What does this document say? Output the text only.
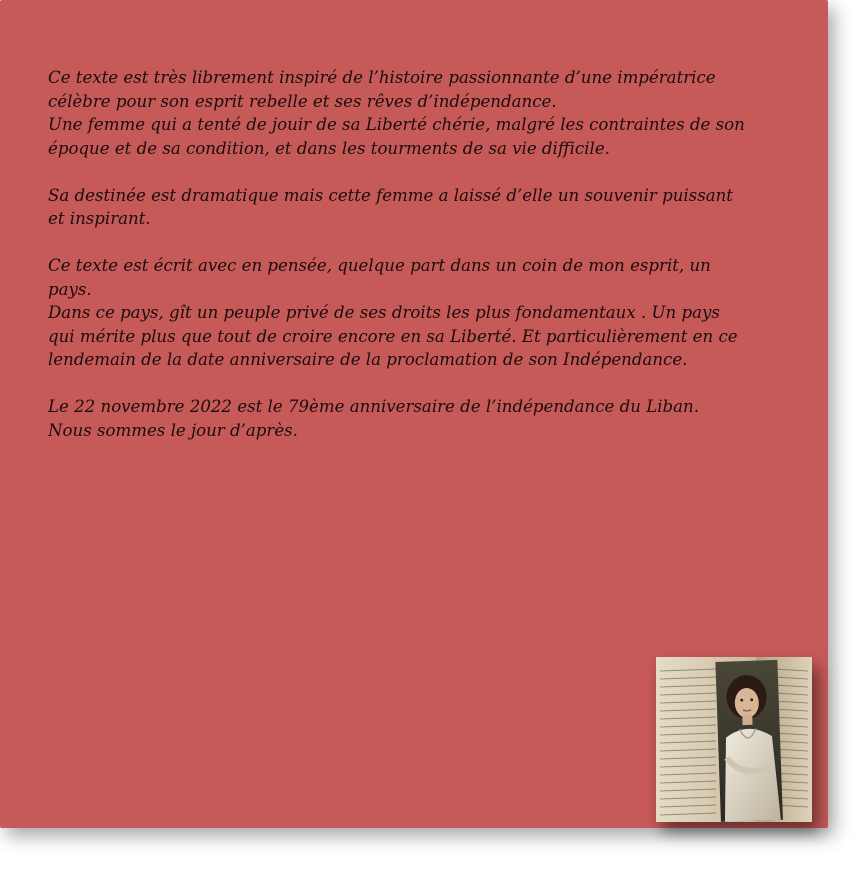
Ce texte est très librement inspiré de l’histoire passionnante d’une impératrice
célèbre pour son esprit rebelle et ses rêves d’indépendance.
Une femme qui a tenté de jouir de sa Liberté chérie, malgré les contraintes de son
époque et de sa condition, et dans les tourments de sa vie difficile.

Sa destinée est dramatique mais cette femme a laissé d’elle un souvenir puissant
et inspirant.

Ce texte est écrit avec en pensée, quelque part dans un coin de mon esprit, un
pays.
Dans ce pays, gît un peuple privé de ses droits les plus fondamentaux . Un pays
qui mérite plus que tout de croire encore en sa Liberté. Et particulièrement en ce
lendemain de la date anniversaire de la proclamation de son Indépendance.

Le 22 novembre 2022 est le 79ème anniversaire de l’indépendance du Liban.
Nous sommes le jour d’après.
